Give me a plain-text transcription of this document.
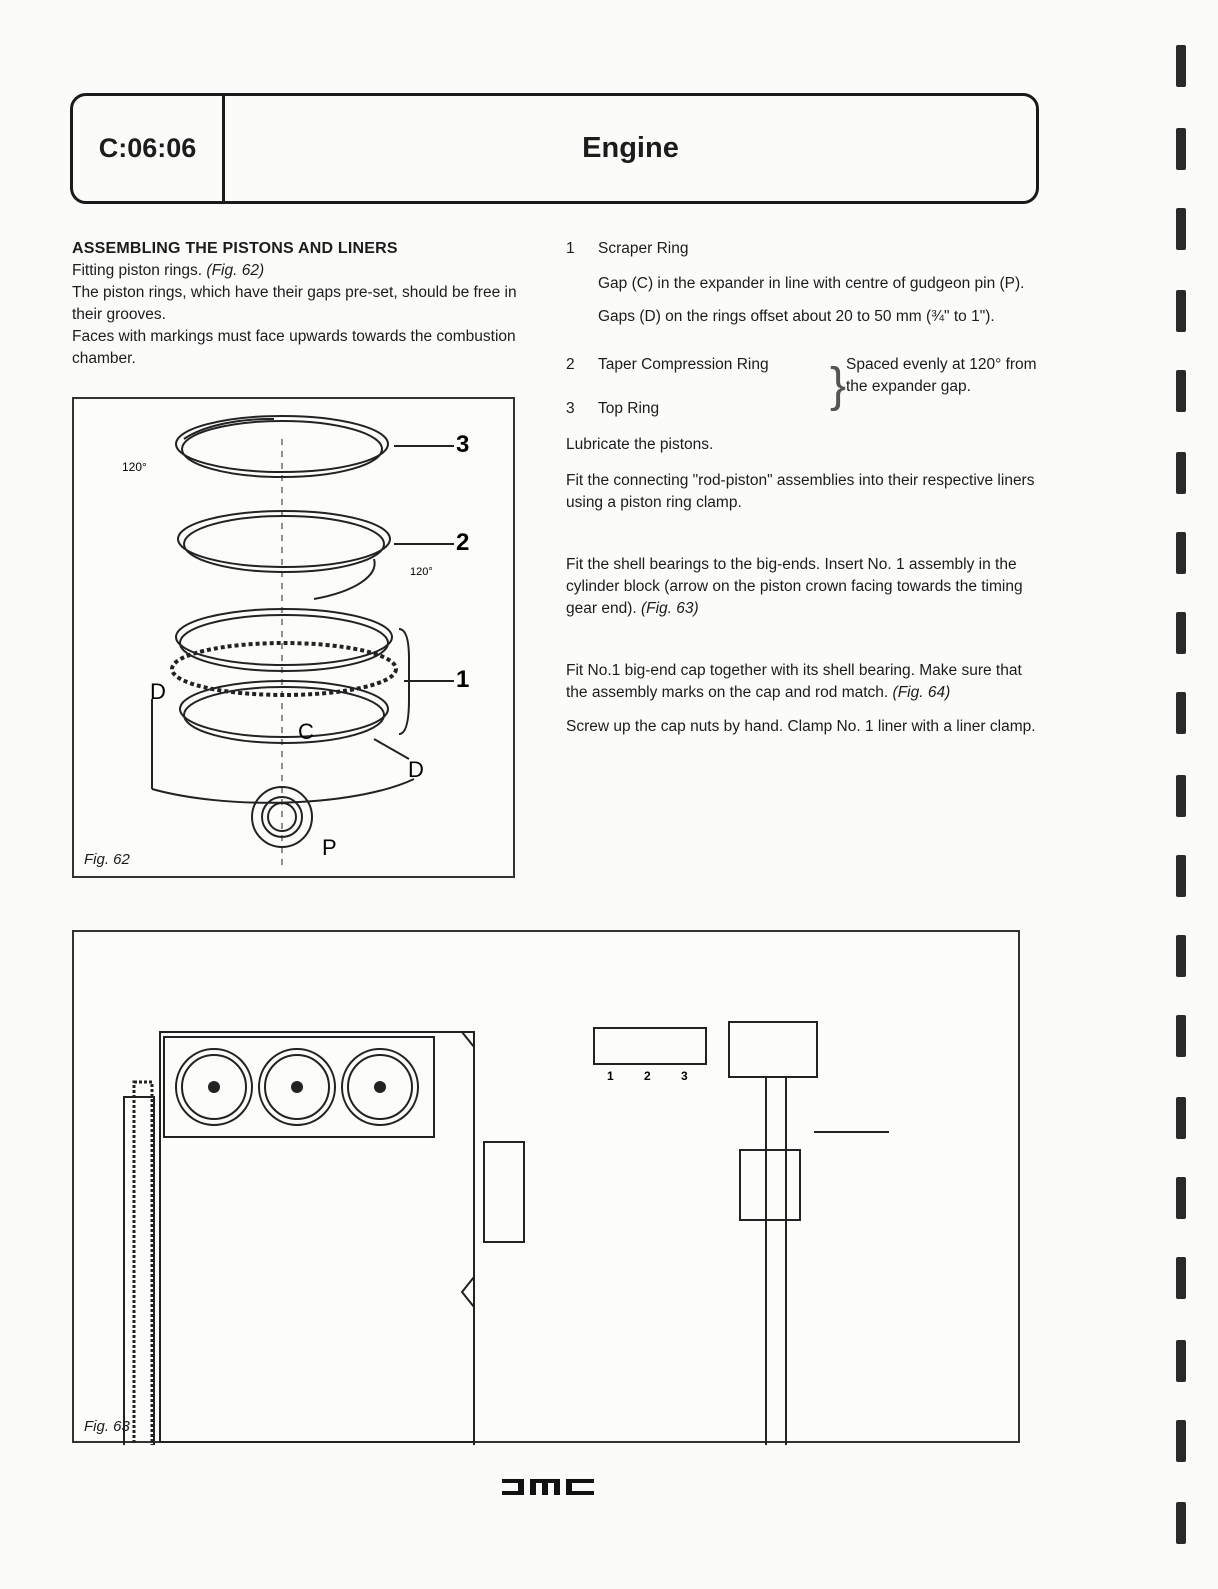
C:06:06	Engine
ASSEMBLING THE PISTONS AND LINERS

Fitting piston rings. (Fig. 62)

The piston rings, which have their gaps pre-set, should be free in their grooves.

Faces with markings must face upwards towards the combustion chamber.

1 Scraper Ring

Gap (C) in the expander in line with centre of gudgeon pin (P).

Gaps (D) on the rings offset about 20 to 50 mm (¾" to 1").

2 Taper Compression Ring

3 Top Ring	} Spaced evenly at 120° from the expander gap.

Lubricate the pistons.

Fit the connecting "rod-piston" assemblies into their respective liners using a piston ring clamp.

Fit the shell bearings to the big-ends. Insert No. 1 assembly in the cylinder block (arrow on the piston crown facing towards the timing gear end). (Fig. 63)

Fit No.1 big-end cap together with its shell bearing. Make sure that the assembly marks on the cap and rod match. (Fig. 64)

Screw up the cap nuts by hand. Clamp No. 1 liner with a liner clamp.

3
2
1
120°
120°
D
C
D
P
Fig. 62
1	2	3
Fig. 63
